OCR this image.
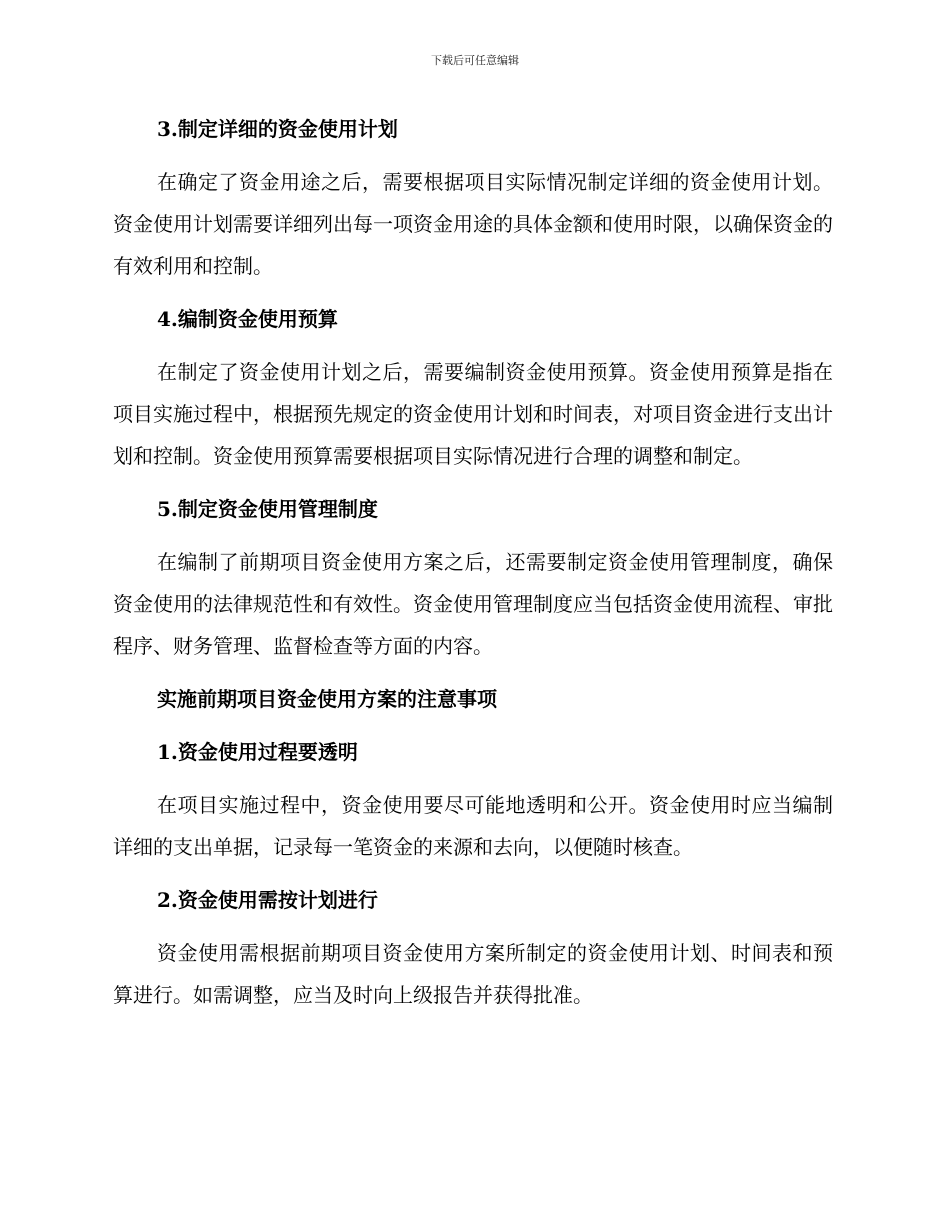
下载后可任意编辑
3.制定详细的资金使用计划
在确定了资金用途之后，需要根据项目实际情况制定详细的资金使用计划。资金使用计划需要详细列出每一项资金用途的具体金额和使用时限，以确保资金的有效利用和控制。
4.编制资金使用预算
在制定了资金使用计划之后，需要编制资金使用预算。资金使用预算是指在项目实施过程中，根据预先规定的资金使用计划和时间表，对项目资金进行支出计划和控制。资金使用预算需要根据项目实际情况进行合理的调整和制定。
5.制定资金使用管理制度
在编制了前期项目资金使用方案之后，还需要制定资金使用管理制度，确保资金使用的法律规范性和有效性。资金使用管理制度应当包括资金使用流程、审批程序、财务管理、监督检查等方面的内容。
实施前期项目资金使用方案的注意事项
1.资金使用过程要透明
在项目实施过程中，资金使用要尽可能地透明和公开。资金使用时应当编制详细的支出单据，记录每一笔资金的来源和去向，以便随时核查。
2.资金使用需按计划进行
资金使用需根据前期项目资金使用方案所制定的资金使用计划、时间表和预算进行。如需调整，应当及时向上级报告并获得批准。
